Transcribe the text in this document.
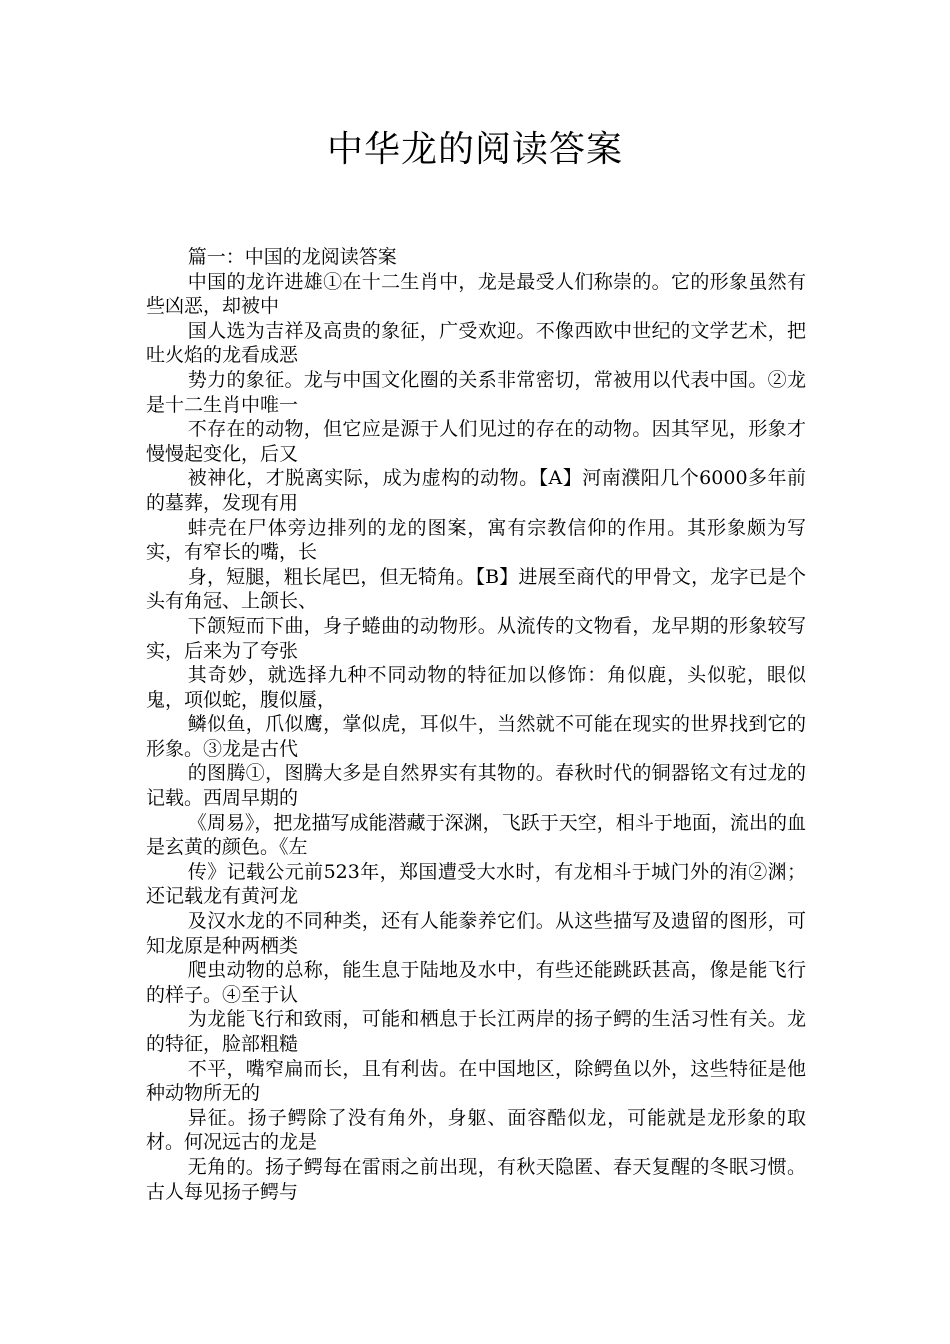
中华龙的阅读答案

篇一：中国的龙阅读答案

中国的龙许进雄①在十二生肖中，龙是最受人们称崇的。它的形象虽然有些凶恶，却被中

国人选为吉祥及高贵的象征，广受欢迎。不像西欧中世纪的文学艺术，把吐火焰的龙看成恶

势力的象征。龙与中国文化圈的关系非常密切，常被用以代表中国。②龙是十二生肖中唯一

不存在的动物，但它应是源于人们见过的存在的动物。因其罕见，形象才慢慢起变化，后又

被神化，才脱离实际，成为虚构的动物。【A】河南濮阳几个6000多年前的墓葬，发现有用

蚌壳在尸体旁边排列的龙的图案，寓有宗教信仰的作用。其形象颇为写实，有窄长的嘴，长

身，短腿，粗长尾巴，但无犄角。【B】进展至商代的甲骨文，龙字已是个头有角冠、上颌长、

下颌短而下曲，身子蜷曲的动物形。从流传的文物看，龙早期的形象较写实，后来为了夸张

其奇妙，就选择九种不同动物的特征加以修饰：角似鹿，头似驼，眼似鬼，项似蛇，腹似蜃，

鳞似鱼，爪似鹰，掌似虎，耳似牛，当然就不可能在现实的世界找到它的形象。③龙是古代

的图腾①，图腾大多是自然界实有其物的。春秋时代的铜器铭文有过龙的记载。西周早期的

《周易》，把龙描写成能潜藏于深渊，飞跃于天空，相斗于地面，流出的血是玄黄的颜色。《左

传》记载公元前523年，郑国遭受大水时，有龙相斗于城门外的洧②渊；还记载龙有黄河龙

及汉水龙的不同种类，还有人能豢养它们。从这些描写及遗留的图形，可知龙原是种两栖类

爬虫动物的总称，能生息于陆地及水中，有些还能跳跃甚高，像是能飞行的样子。④至于认

为龙能飞行和致雨，可能和栖息于长江两岸的扬子鳄的生活习性有关。龙的特征，脸部粗糙

不平，嘴窄扁而长，且有利齿。在中国地区，除鳄鱼以外，这些特征是他种动物所无的

异征。扬子鳄除了没有角外，身躯、面容酷似龙，可能就是龙形象的取材。何况远古的龙是

无角的。扬子鳄每在雷雨之前出现，有秋天隐匿、春天复醒的冬眠习惯。古人每见扬子鳄与
